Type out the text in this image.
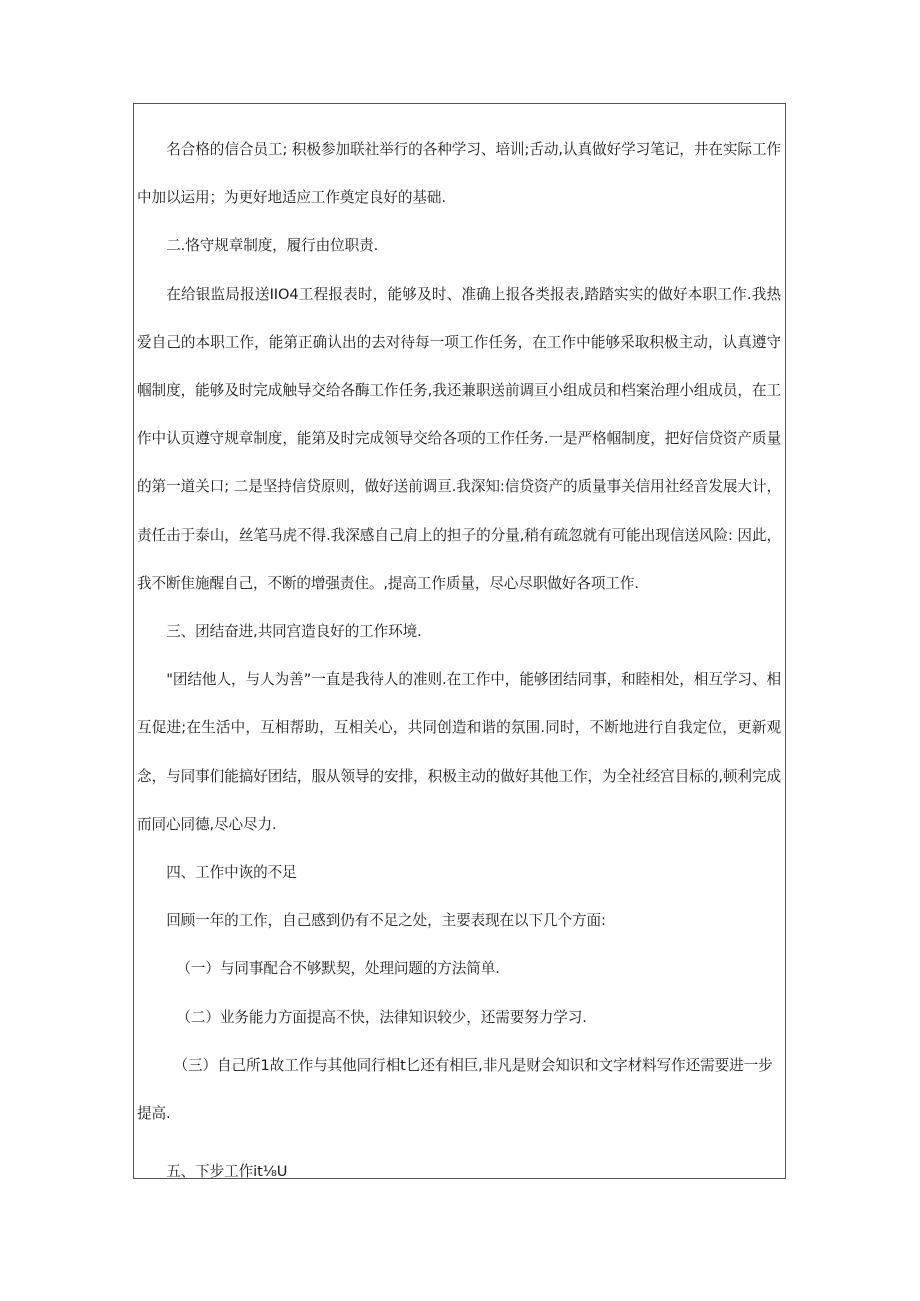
名合格的信合员工; 积极参加联社举行的各种学习、培训;舌动,认真做好学习笔记，井在实际工作中加以运用；为更好地适应工作奠定良好的基础.

二.恪守规章制度，履行由位职责.

在给银监局报送IIO4工程报表时，能够及时、准确上报各类报表,踏踏实实的做好本职工作.我热爱自己的本职工作，能第正确认出的去对待每一项工作任务，在工作中能够采取积极主动，认真遵守帼制度，能够及时完成触导交给各酶工作任务,我还兼职送前调亘小组成员和档案治理小组成员，在工作中认页遵守规章制度，能第及时完成领导交给各项的工作任务.一是严格帼制度，把好信贷资产质量的第一道关口; 二是坚持信贷原则，做好送前调亘.我深知:信贷资产的质量事关信用社经音发展大计，责任击于泰山，丝笔马虎不得.我深感自己肩上的担子的分量,稍有疏忽就有可能出现信送风险: 因此，我不断隹施醒自己，不断的增强责住。,提高工作质量，尽心尽职做好各项工作.

三、团结奋进,共同宫造良好的工作环境.

"团结他人，与人为善”一直是我待人的准则.在工作中，能够团结同事，和睦相处，相互学习、相互促进;在生活中，互相帮助，互相关心，共同创造和谐的氛围.同时，不断地进行自我定位，更新观念，与同事们能搞好团结，服从领导的安排，积极主动的做好其他工作，为全社经宫目标的,顿利完成而同心同德,尽心尽力.

四、工作中诙的不足

回顾一年的工作，自己感到仍有不足之处，主要表现在以下几个方面:

（一）与同事配合不够默契，处理问题的方法简单.

（二）业务能力方面提高不快，法律知识较少，还需要努力学习.

（三）自己所1故工作与其他同行相t匕还有相巨,非凡是财会知识和文字材料写作还需要进一步提高.

五、下步工作it⅛U
